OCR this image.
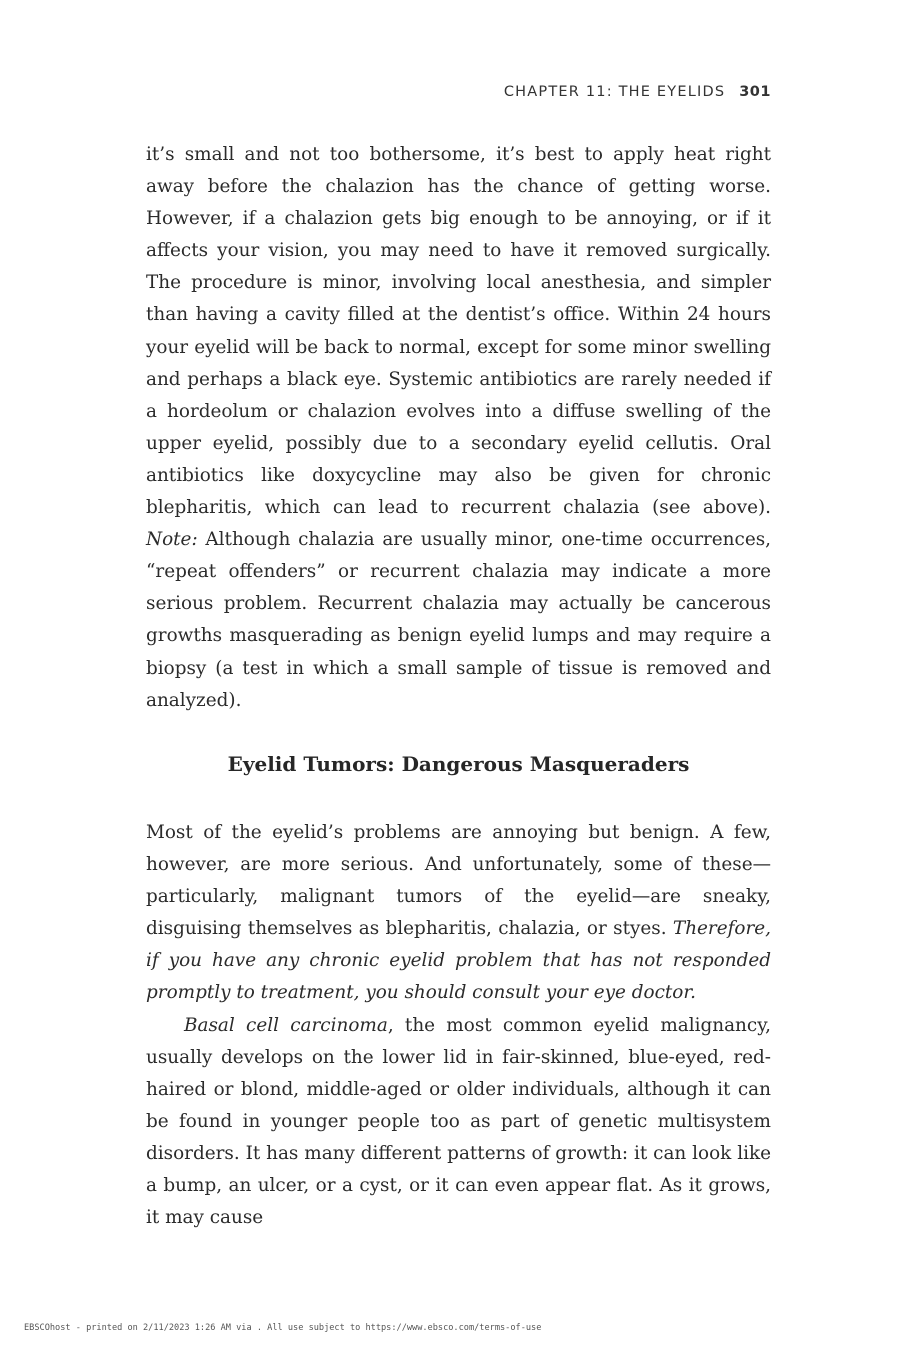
CHAPTER 11: THE EYELIDS 301

it’s small and not too bothersome, it’s best to apply heat right away before the chalazion has the chance of getting worse. However, if a chalazion gets big enough to be annoying, or if it affects your vision, you may need to have it removed surgically. The procedure is minor, involving local anesthesia, and simpler than having a cavity filled at the dentist’s office. Within 24 hours your eyelid will be back to normal, except for some minor swelling and perhaps a black eye. Systemic antibiotics are rarely needed if a hordeolum or chalazion evolves into a diffuse swelling of the upper eyelid, possibly due to a secondary eyelid cellutis. Oral antibiotics like doxycycline may also be given for chronic blepharitis, which can lead to recurrent chalazia (see above). Note: Although chalazia are usually minor, one-time occurrences, “repeat offenders” or recurrent chalazia may indicate a more serious problem. Recurrent chalazia may actually be cancerous growths masquerading as benign eyelid lumps and may require a biopsy (a test in which a small sample of tissue is removed and analyzed).

Eyelid Tumors: Dangerous Masqueraders

Most of the eyelid’s problems are annoying but benign. A few, however, are more serious. And unfortunately, some of these—particularly, malignant tumors of the eyelid—are sneaky, disguising themselves as blepharitis, chalazia, or styes. Therefore, if you have any chronic eyelid problem that has not responded promptly to treatment, you should consult your eye doctor.

Basal cell carcinoma, the most common eyelid malignancy, usually develops on the lower lid in fair-skinned, blue-eyed, red-haired or blond, middle-aged or older individuals, although it can be found in younger people too as part of genetic multisystem disorders. It has many different patterns of growth: it can look like a bump, an ulcer, or a cyst, or it can even appear flat. As it grows, it may cause

EBSCOhost - printed on 2/11/2023 1:26 AM via . All use subject to https://www.ebsco.com/terms-of-use
